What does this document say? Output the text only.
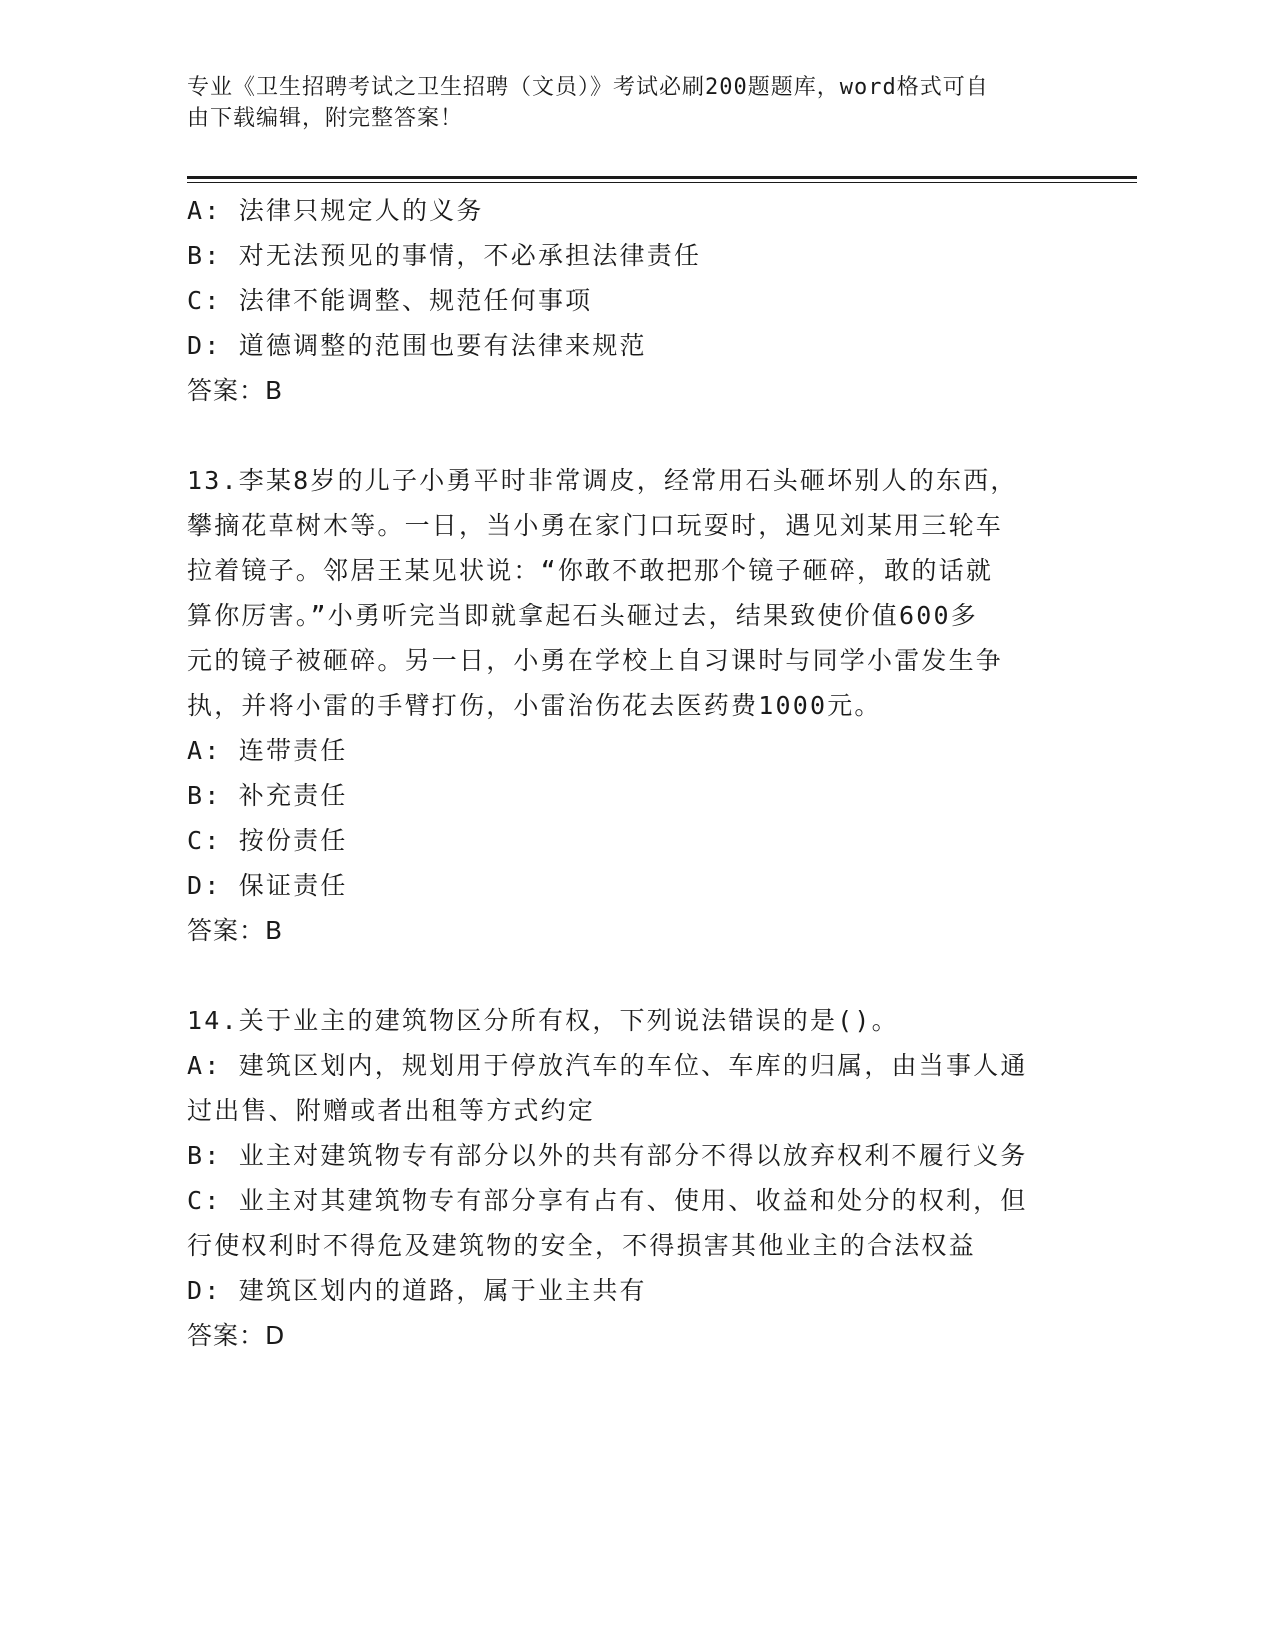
专业《卫生招聘考试之卫生招聘（文员）》考试必刷200题题库，word格式可自
由下载编辑，附完整答案！
A: 法律只规定人的义务
B: 对无法预见的事情，不必承担法律责任
C: 法律不能调整、规范任何事项
D: 道德调整的范围也要有法律来规范
答案：B
13.李某8岁的儿子小勇平时非常调皮，经常用石头砸坏别人的东西，
攀摘花草树木等。一日，当小勇在家门口玩耍时，遇见刘某用三轮车
拉着镜子。邻居王某见状说：“你敢不敢把那个镜子砸碎，敢的话就
算你厉害。”小勇听完当即就拿起石头砸过去，结果致使价值600多
元的镜子被砸碎。另一日，小勇在学校上自习课时与同学小雷发生争
执，并将小雷的手臂打伤，小雷治伤花去医药费1000元。
A: 连带责任
B: 补充责任
C: 按份责任
D: 保证责任
答案：B
14.关于业主的建筑物区分所有权，下列说法错误的是()。
A: 建筑区划内，规划用于停放汽车的车位、车库的归属，由当事人通
过出售、附赠或者出租等方式约定
B: 业主对建筑物专有部分以外的共有部分不得以放弃权利不履行义务
C: 业主对其建筑物专有部分享有占有、使用、收益和处分的权利，但
行使权利时不得危及建筑物的安全，不得损害其他业主的合法权益
D: 建筑区划内的道路，属于业主共有
答案：D
